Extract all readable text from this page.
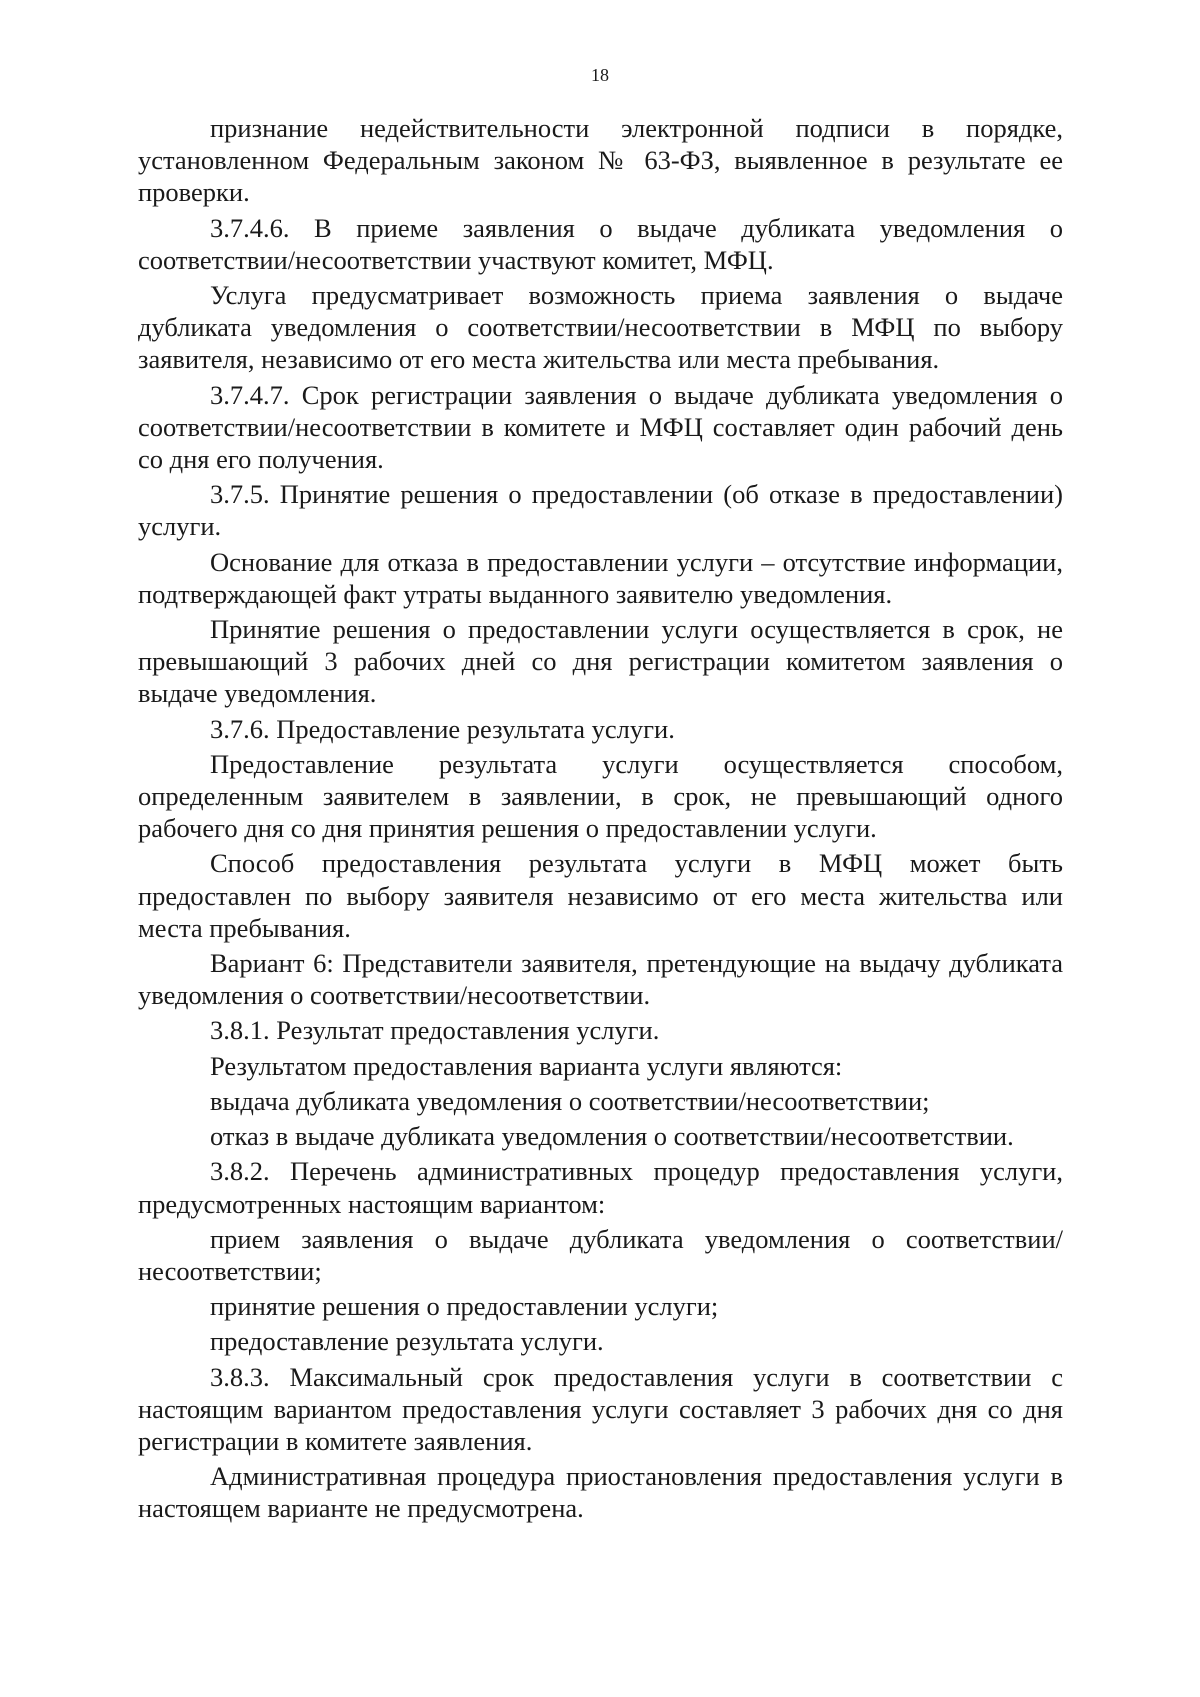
18

признание недействительности электронной подписи в порядке, установленном Федеральным законом № 63-ФЗ, выявленное в результате ее проверки.

3.7.4.6. В приеме заявления о выдаче дубликата уведомления о соответствии/несоответствии участвуют комитет, МФЦ.

Услуга предусматривает возможность приема заявления о выдаче дубликата уведомления о соответствии/несоответствии в МФЦ по выбору заявителя, независимо от его места жительства или места пребывания.

3.7.4.7. Срок регистрации заявления о выдаче дубликата уведомления о соответствии/несоответствии в комитете и МФЦ составляет один рабочий день со дня его получения.

3.7.5. Принятие решения о предоставлении (об отказе в предоставлении) услуги.

Основание для отказа в предоставлении услуги – отсутствие информации, подтверждающей факт утраты выданного заявителю уведомления.

Принятие решения о предоставлении услуги осуществляется в срок, не превышающий 3 рабочих дней со дня регистрации комитетом заявления о выдаче уведомления.

3.7.6. Предоставление результата услуги.

Предоставление результата услуги осуществляется способом, определенным заявителем в заявлении, в срок, не превышающий одного рабочего дня со дня принятия решения о предоставлении услуги.

Способ предоставления результата услуги в МФЦ может быть предоставлен по выбору заявителя независимо от его места жительства или места пребывания.

Вариант 6: Представители заявителя, претендующие на выдачу дубликата уведомления о соответствии/несоответствии.

3.8.1. Результат предоставления услуги.

Результатом предоставления варианта услуги являются:

выдача дубликата уведомления о соответствии/несоответствии;

отказ в выдаче дубликата уведомления о соответствии/несоответствии.

3.8.2. Перечень административных процедур предоставления услуги, предусмотренных настоящим вариантом:

прием заявления о выдаче дубликата уведомления о соответствии/несоответствии;

принятие решения о предоставлении услуги;

предоставление результата услуги.

3.8.3. Максимальный срок предоставления услуги в соответствии с настоящим вариантом предоставления услуги составляет 3 рабочих дня со дня регистрации в комитете заявления.

Административная процедура приостановления предоставления услуги в настоящем варианте не предусмотрена.
